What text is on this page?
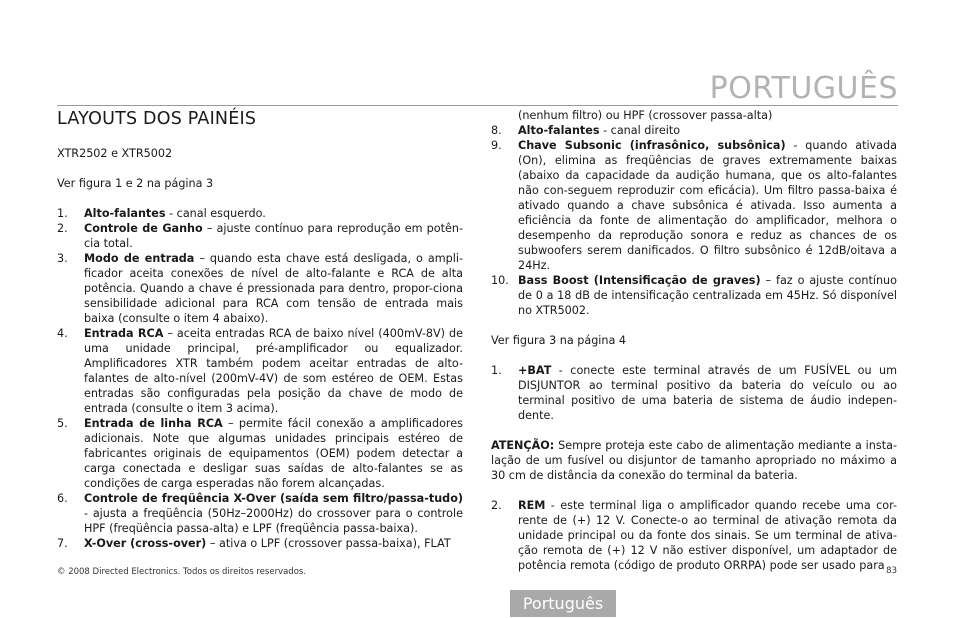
PORTUGUÊS
LAYOUTS DOS PAINÉIS

XTR2502 e XTR5002

Ver figura 1 e 2 na página 3

1.	Alto-falantes - canal esquerdo.
2.	Controle de Ganho – ajuste contínuo para reprodução em potên-cia total.
3.	Modo de entrada – quando esta chave está desligada, o ampli-ficador aceita conexões de nível de alto-falante e RCA de alta potência. Quando a chave é pressionada para dentro, propor-ciona sensibilidade adicional para RCA com tensão de entrada mais baixa (consulte o item 4 abaixo).
4.	Entrada RCA – aceita entradas RCA de baixo nível (400mV-8V) de uma unidade principal, pré-amplificador ou equalizador. Amplificadores XTR também podem aceitar entradas de alto-falantes de alto-nível (200mV-4V) de som estéreo de OEM. Estas entradas são configuradas pela posição da chave de modo de entrada (consulte o item 3 acima).
5.	Entrada de linha RCA – permite fácil conexão a amplificadores adicionais. Note que algumas unidades principais estéreo de fabricantes originais de equipamentos (OEM) podem detectar a carga conectada e desligar suas saídas de alto-falantes se as condições de carga esperadas não forem alcançadas.
6.	Controle de freqüência X-Over (saída sem filtro/passa-tudo) - ajusta a freqüência (50Hz–2000Hz) do crossover para o controle HPF (freqüência passa-alta) e LPF (freqüência passa-baixa).
7.	X-Over (cross-over) – ativa o LPF (crossover passa-baixa), FLAT
(nenhum filtro) ou HPF (crossover passa-alta)
8.	Alto-falantes - canal direito
9.	Chave Subsonic (infrasônico, subsônica) - quando ativada (On), elimina as freqüências de graves extremamente baixas (abaixo da capacidade da audição humana, que os alto-falantes não con-seguem reproduzir com eficácia). Um filtro passa-baixa é ativado quando a chave subsônica é ativada. Isso aumenta a eficiência da fonte de alimentação do amplificador, melhora o desempenho da reprodução sonora e reduz as chances de os subwoofers serem danificados. O filtro subsônico é 12dB/oitava a 24Hz.
10. Bass Boost (Intensificação de graves) – faz o ajuste contínuo de 0 a 18 dB de intensificação centralizada em 45Hz. Só disponível no XTR5002.

Ver figura 3 na página 4

1.	+BAT - conecte este terminal através de um FUSÍVEL ou um DISJUNTOR ao terminal positivo da bateria do veículo ou ao terminal positivo de uma bateria de sistema de áudio indepen-dente.

ATENÇÃO: Sempre proteja este cabo de alimentação mediante a insta-lação de um fusível ou disjuntor de tamanho apropriado no máximo a 30 cm de distância da conexão do terminal da bateria.

2.	REM - este terminal liga o amplificador quando recebe uma cor-rente de (+) 12 V. Conecte-o ao terminal de ativação remota da unidade principal ou da fonte dos sinais. Se um terminal de ativa-ção remota de (+) 12 V não estiver disponível, um adaptador de potência remota (código de produto ORRPA) pode ser usado para
© 2008 Directed Electronics. Todos os direitos reservados.	83
Português
